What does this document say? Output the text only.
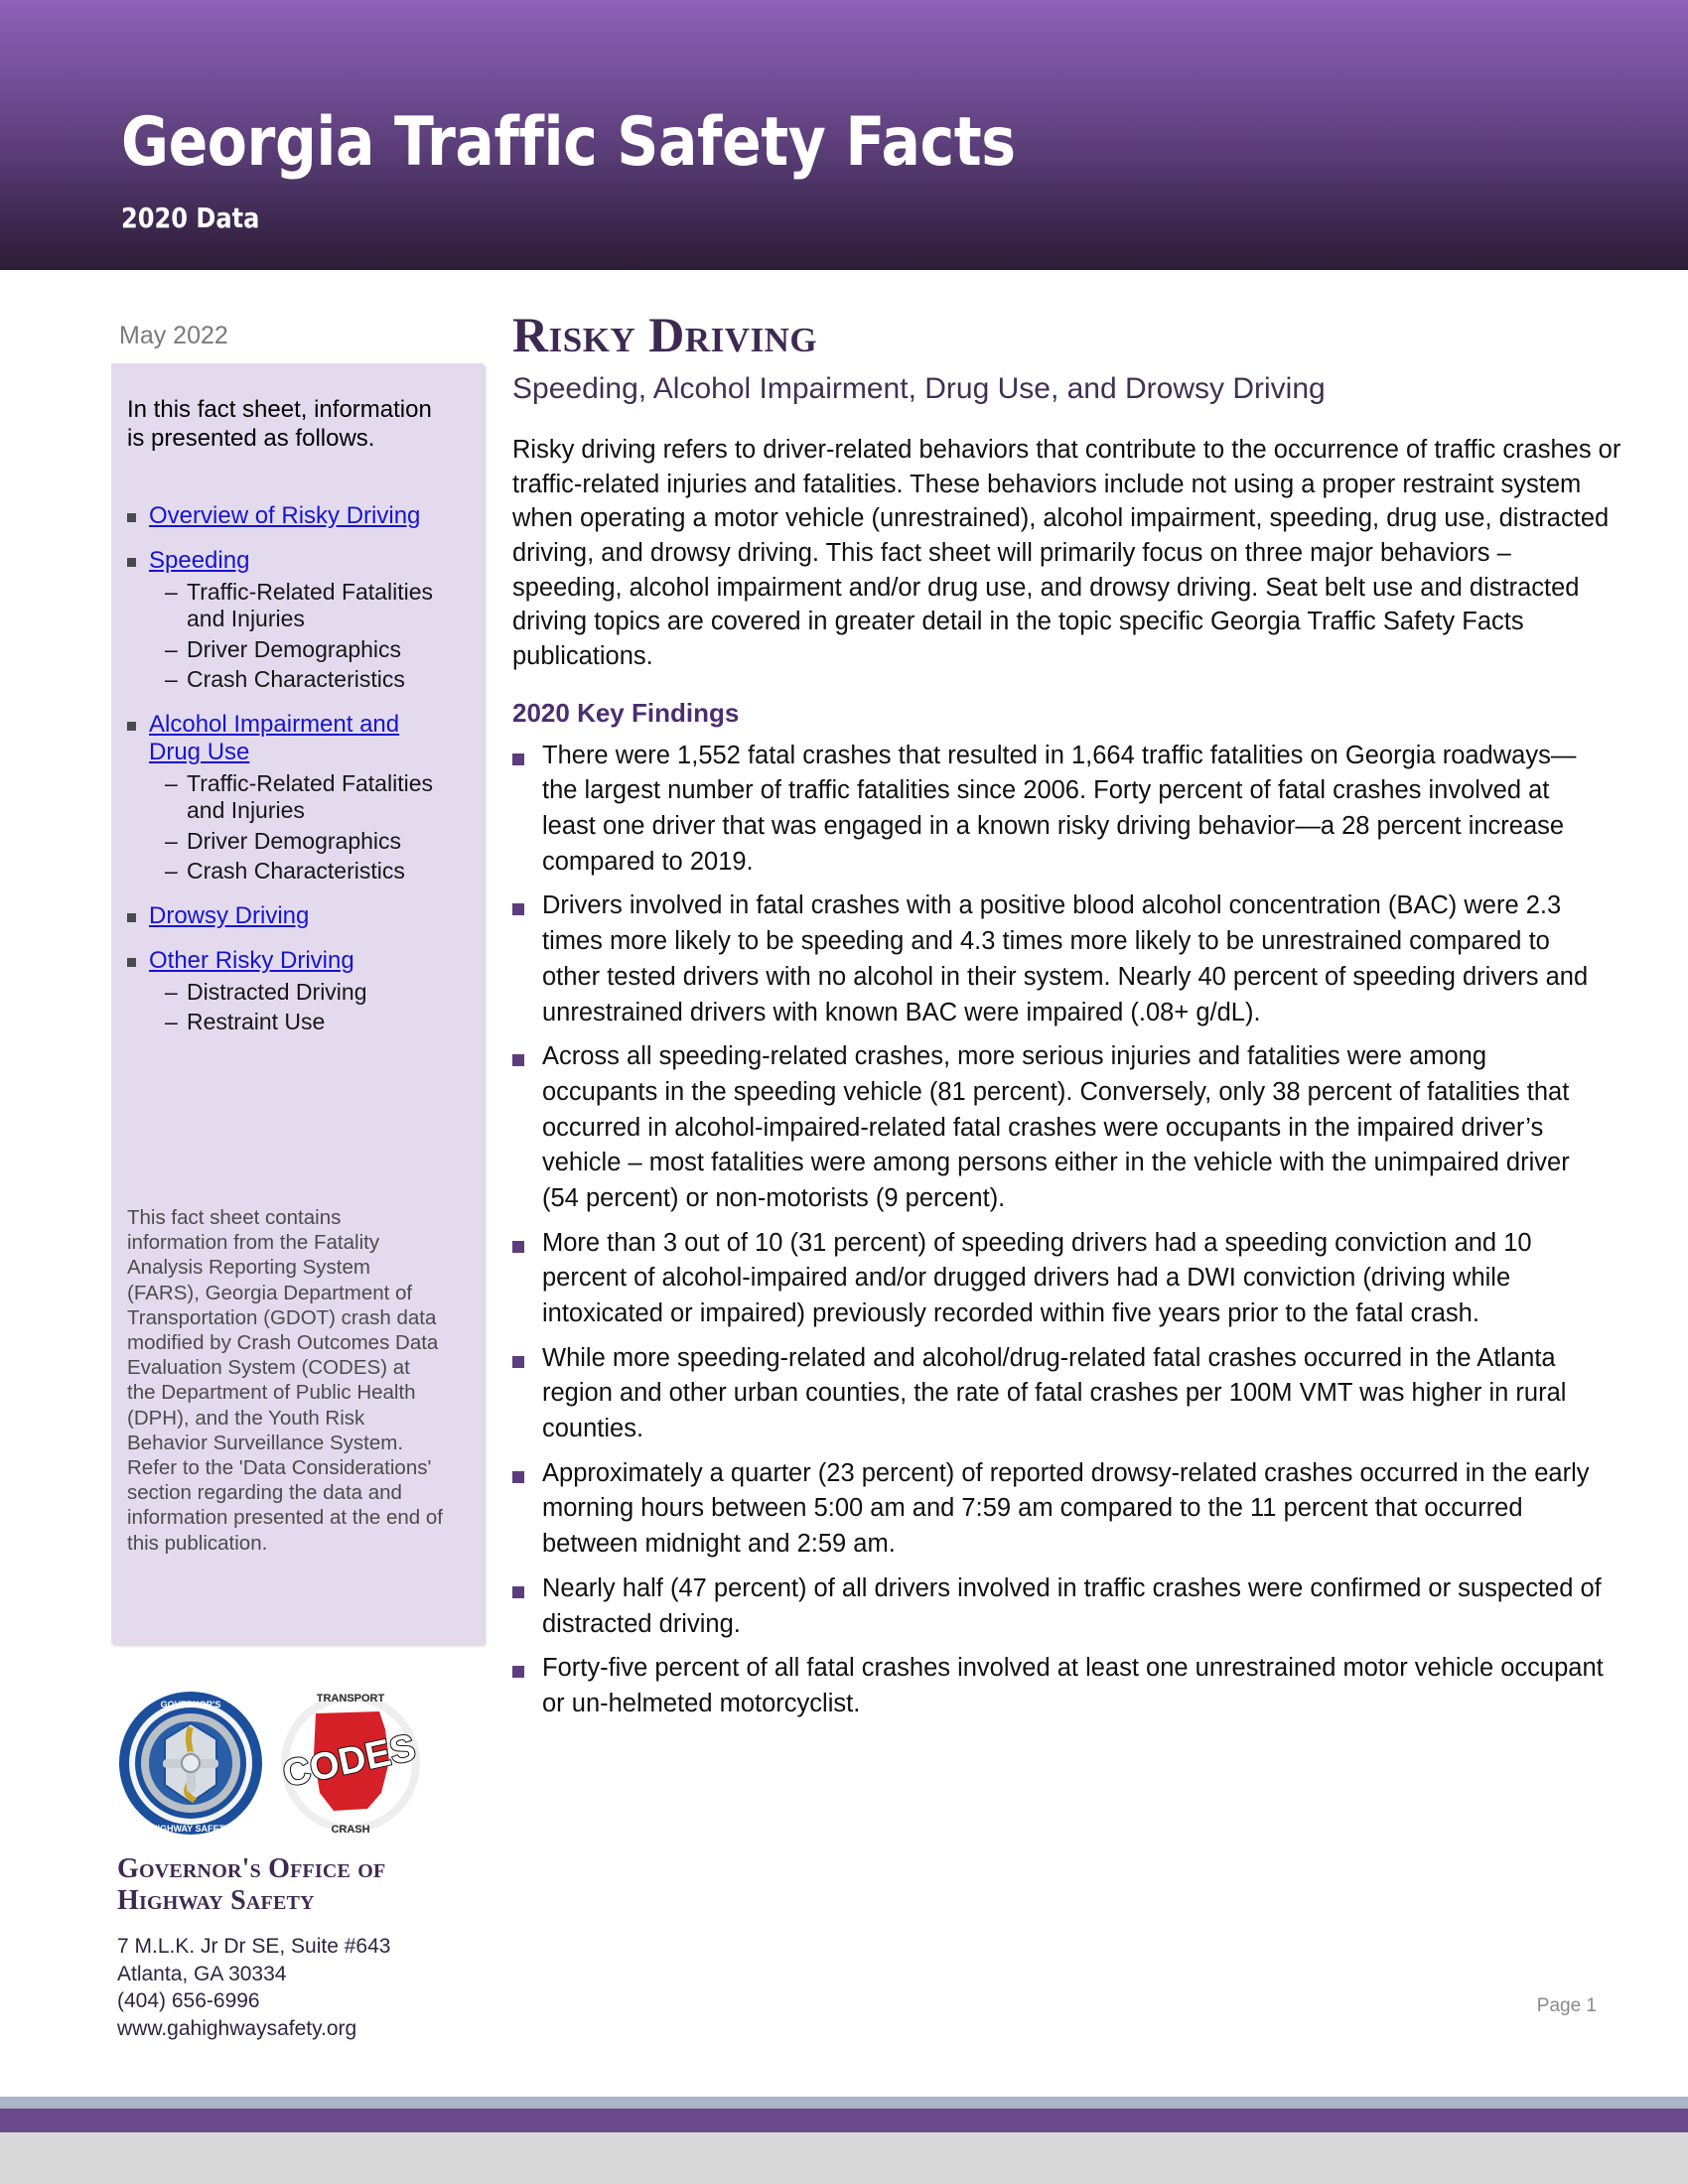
Georgia Traffic Safety Facts
2020 Data
May 2022
In this fact sheet, information is presented as follows.
Overview of Risky Driving
Speeding
– Traffic-Related Fatalities and Injuries
– Driver Demographics
– Crash Characteristics
Alcohol Impairment and Drug Use
– Traffic-Related Fatalities and Injuries
– Driver Demographics
– Crash Characteristics
Drowsy Driving
Other Risky Driving
– Distracted Driving
– Restraint Use
This fact sheet contains information from the Fatality Analysis Reporting System (FARS), Georgia Department of Transportation (GDOT) crash data modified by Crash Outcomes Data Evaluation System (CODES) at the Department of Public Health (DPH), and the Youth Risk Behavior Surveillance System. Refer to the 'Data Considerations' section regarding the data and information presented at the end of this publication.
GOVERNOR'S
HIGHWAY SAFETY
TRANSPORT
CRASH
CODES
Governor's Office of Highway Safety
7 M.L.K. Jr Dr SE, Suite #643
Atlanta, GA 30334
(404) 656-6996
www.gahighwaysafety.org
Risky Driving
Speeding, Alcohol Impairment, Drug Use, and Drowsy Driving
Risky driving refers to driver-related behaviors that contribute to the occurrence of traffic crashes or traffic-related injuries and fatalities. These behaviors include not using a proper restraint system when operating a motor vehicle (unrestrained), alcohol impairment, speeding, drug use, distracted driving, and drowsy driving. This fact sheet will primarily focus on three major behaviors – speeding, alcohol impairment and/or drug use, and drowsy driving. Seat belt use and distracted driving topics are covered in greater detail in the topic specific Georgia Traffic Safety Facts publications.
2020 Key Findings
There were 1,552 fatal crashes that resulted in 1,664 traffic fatalities on Georgia roadways—the largest number of traffic fatalities since 2006. Forty percent of fatal crashes involved at least one driver that was engaged in a known risky driving behavior—a 28 percent increase compared to 2019.
Drivers involved in fatal crashes with a positive blood alcohol concentration (BAC) were 2.3 times more likely to be speeding and 4.3 times more likely to be unrestrained compared to other tested drivers with no alcohol in their system. Nearly 40 percent of speeding drivers and unrestrained drivers with known BAC were impaired (.08+ g/dL).
Across all speeding-related crashes, more serious injuries and fatalities were among occupants in the speeding vehicle (81 percent). Conversely, only 38 percent of fatalities that occurred in alcohol-impaired-related fatal crashes were occupants in the impaired driver’s vehicle – most fatalities were among persons either in the vehicle with the unimpaired driver (54 percent) or non-motorists (9 percent).
More than 3 out of 10 (31 percent) of speeding drivers had a speeding conviction and 10 percent of alcohol-impaired and/or drugged drivers had a DWI conviction (driving while intoxicated or impaired) previously recorded within five years prior to the fatal crash.
While more speeding-related and alcohol/drug-related fatal crashes occurred in the Atlanta region and other urban counties, the rate of fatal crashes per 100M VMT was higher in rural counties.
Approximately a quarter (23 percent) of reported drowsy-related crashes occurred in the early morning hours between 5:00 am and 7:59 am compared to the 11 percent that occurred between midnight and 2:59 am.
Nearly half (47 percent) of all drivers involved in traffic crashes were confirmed or suspected of distracted driving.
Forty-five percent of all fatal crashes involved at least one unrestrained motor vehicle occupant or un-helmeted motorcyclist.
Page 1
